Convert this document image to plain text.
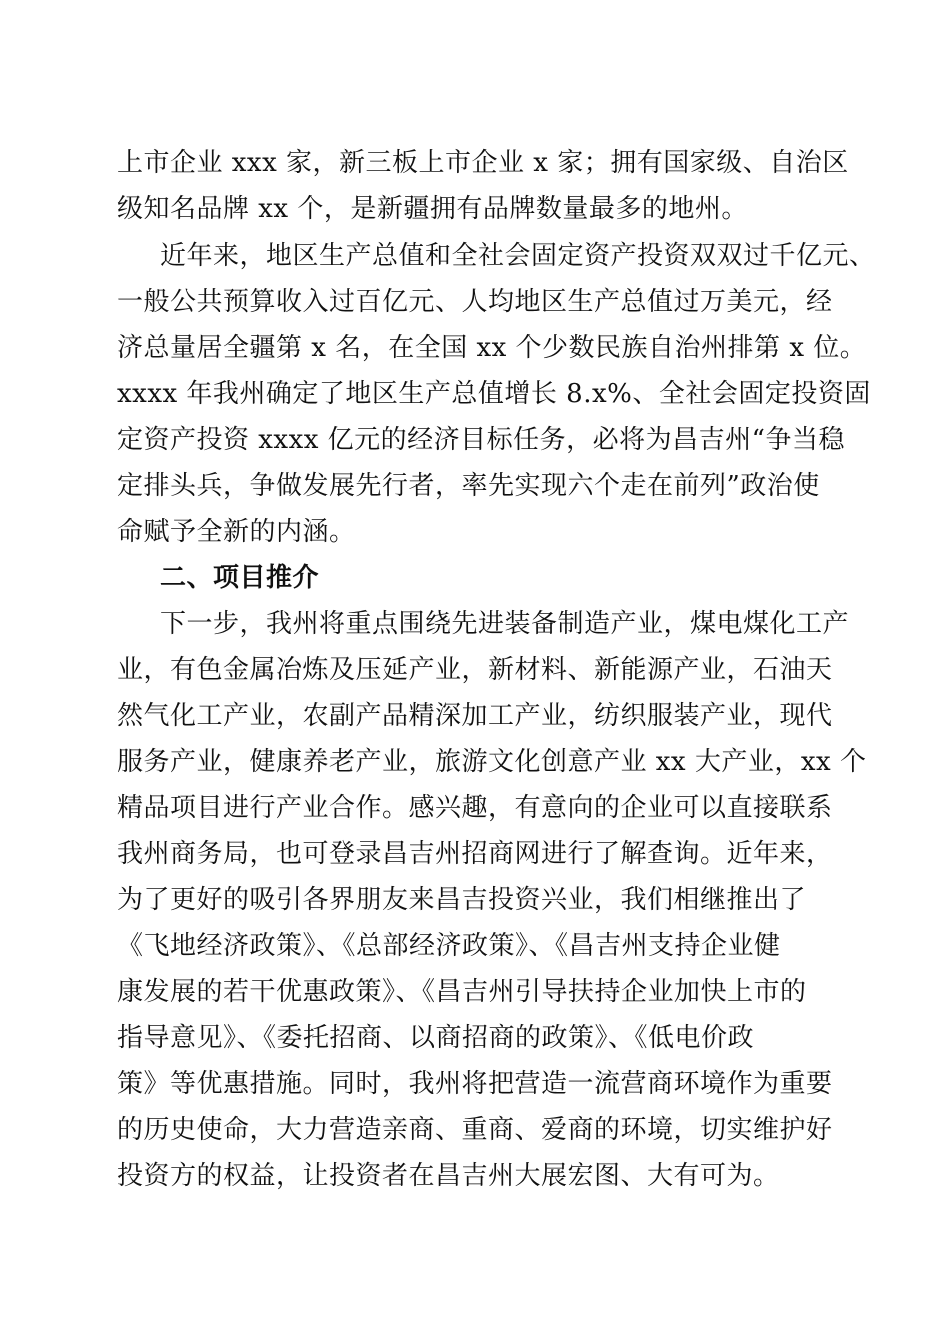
上市企业 xxx 家，新三板上市企业 x 家；拥有国家级、自治区
级知名品牌 xx 个，是新疆拥有品牌数量最多的地州。
近年来，地区生产总值和全社会固定资产投资双双过千亿元、
一般公共预算收入过百亿元、人均地区生产总值过万美元，经
济总量居全疆第 x 名，在全国 xx 个少数民族自治州排第 x 位。
xxxx 年我州确定了地区生产总值增长 8.x%、全社会固定投资固
定资产投资 xxxx 亿元的经济目标任务，必将为昌吉州“争当稳
定排头兵，争做发展先行者，率先实现六个走在前列”政治使
命赋予全新的内涵。
二、项目推介
下一步，我州将重点围绕先进装备制造产业，煤电煤化工产
业，有色金属冶炼及压延产业，新材料、新能源产业，石油天
然气化工产业，农副产品精深加工产业，纺织服装产业，现代
服务产业，健康养老产业，旅游文化创意产业 xx 大产业，xx 个
精品项目进行产业合作。感兴趣，有意向的企业可以直接联系
我州商务局，也可登录昌吉州招商网进行了解查询。近年来，
为了更好的吸引各界朋友来昌吉投资兴业，我们相继推出了
《飞地经济政策》、《总部经济政策》、《昌吉州支持企业健
康发展的若干优惠政策》、《昌吉州引导扶持企业加快上市的
指导意见》、《委托招商、以商招商的政策》、《低电价政
策》等优惠措施。同时，我州将把营造一流营商环境作为重要
的历史使命，大力营造亲商、重商、爱商的环境，切实维护好
投资方的权益，让投资者在昌吉州大展宏图、大有可为。
